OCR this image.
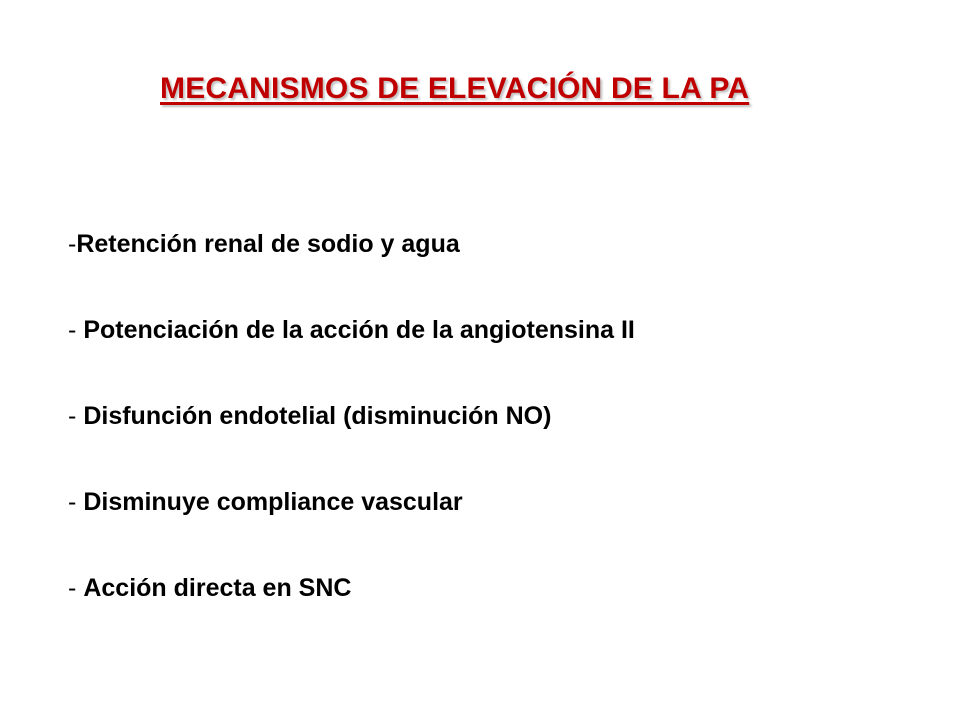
MECANISMOS DE ELEVACIÓN DE LA PA
-Retención renal de sodio y agua
- Potenciación de la acción de la angiotensina II
- Disfunción endotelial (disminución NO)
- Disminuye compliance vascular
- Acción directa en SNC
